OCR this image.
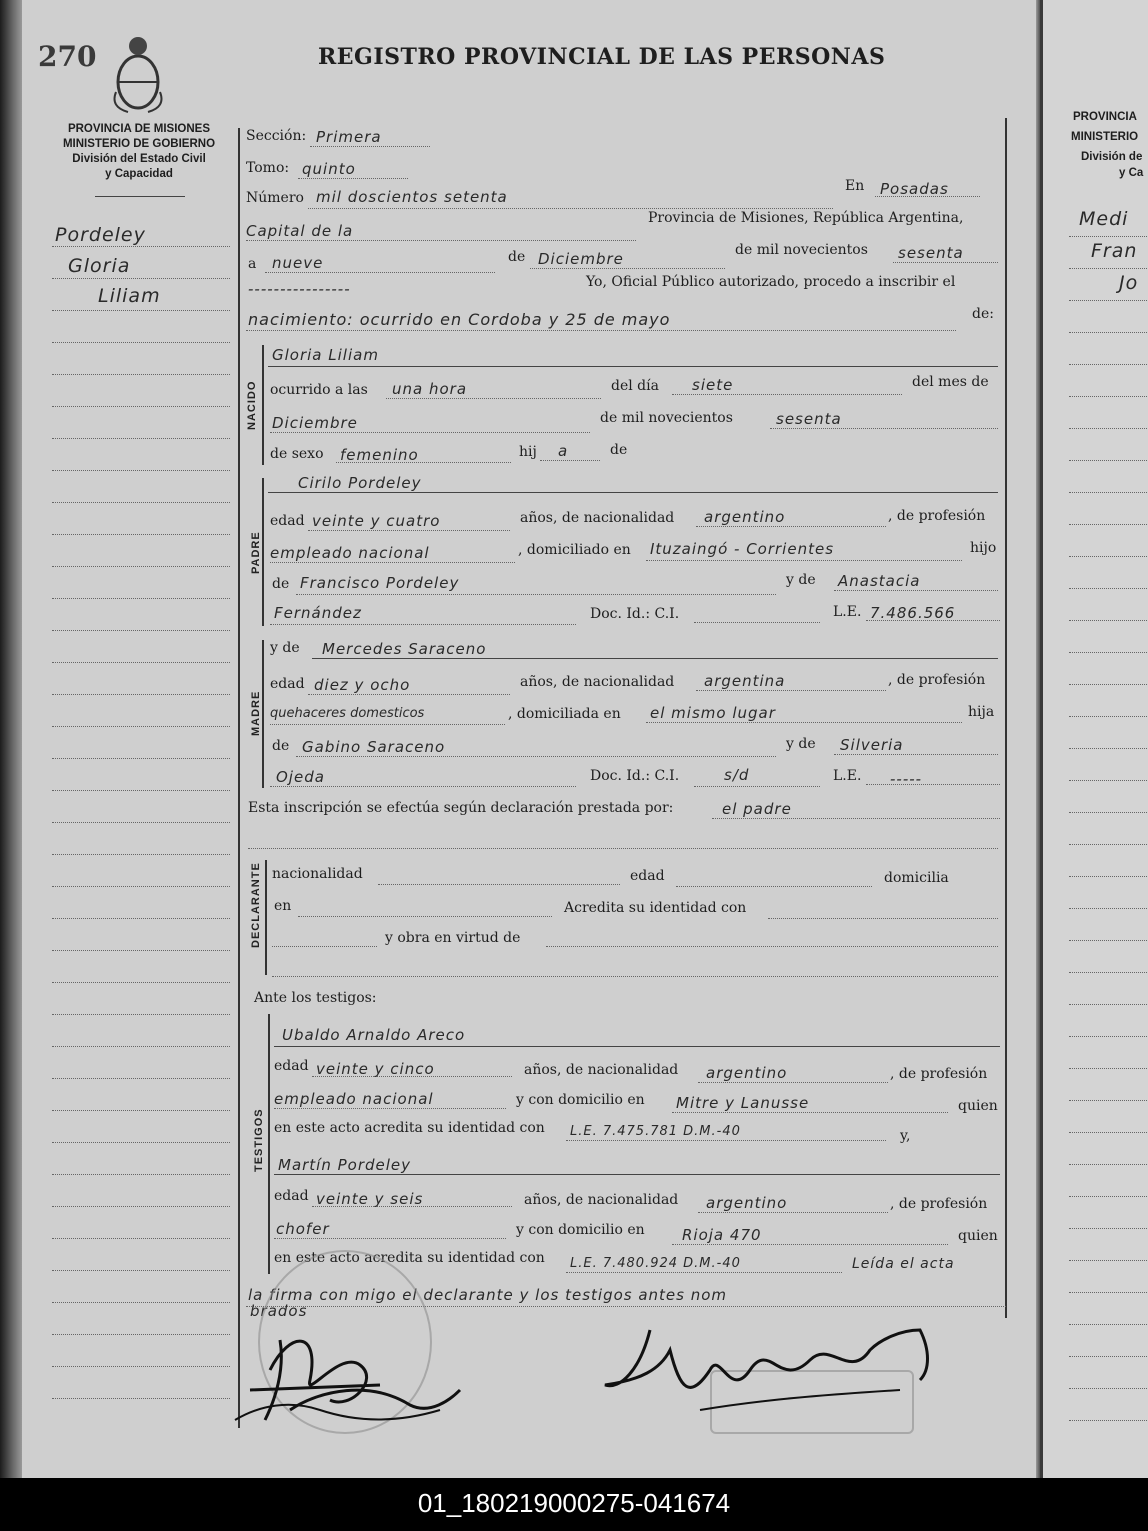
270	REGISTRO PROVINCIAL DE LAS PERSONAS
PROVINCIA DE MISIONES
MINISTERIO DE GOBIERNO
División del Estado Civil
y Capacidad
Pordeley
Gloria
Liliam
Sección: Primera
Tomo: quinto
Número mil doscientos setenta
En Posadas
Capital de la
Provincia de Misiones, República Argentina,
a nueve	de Diciembre	de mil novecientos sesenta
----------------	Yo, Oficial Público autorizado, procedo a inscribir el
nacimiento: ocurrido en Cordoba y 25 de mayo	de:
NACIDO
Gloria Liliam
ocurrido a las una hora	del día siete	del mes de
Diciembre	de mil novecientos	sesenta
de sexo femenino	hij a	de
PADRE
Cirilo Pordeley
edad veinte y cuatro	años, de nacionalidad argentino	, de profesión
empleado nacional	, domiciliado en Ituzaingó - Corrientes	hijo
de Francisco Pordeley	y de Anastacia
Fernández	Doc. Id.: C.I.	L.E. 7.486.566
MADRE
y de Mercedes Saraceno
edad diez y ocho	años, de nacionalidad argentina	, de profesión
quehaceres domesticos	, domiciliada en el mismo lugar	hija
de Gabino Saraceno	y de Silveria
Ojeda	Doc. Id.: C.I.	s/d	L.E. -----
Esta inscripción se efectúa según declaración prestada por:	el padre
DECLARANTE nacionalidad	edad	domicilia
en	Acredita su identidad con
y obra en virtud de
Ante los testigos:
TESTIGOS
Ubaldo Arnaldo Areco
edad veinte y cinco	años, de nacionalidad argentino	, de profesión
empleado nacional	y con domicilio en Mitre y Lanusse	quien
en este acto acredita su identidad con L.E. 7.475.781 D.M.-40	y,
Martín Pordeley
edad veinte y seis	años, de nacionalidad argentino	, de profesión
chofer	y con domicilio en Rioja 470	quien
en este acto acredita su identidad con L.E. 7.480.924 D.M.-40	Leída el acta
la firma con migo el declarante y los testigos antes nom
brados
PROVINCIA
MINISTERIO
División de
y Ca
Medi
Fran
Jo
01_180219000275-041674
